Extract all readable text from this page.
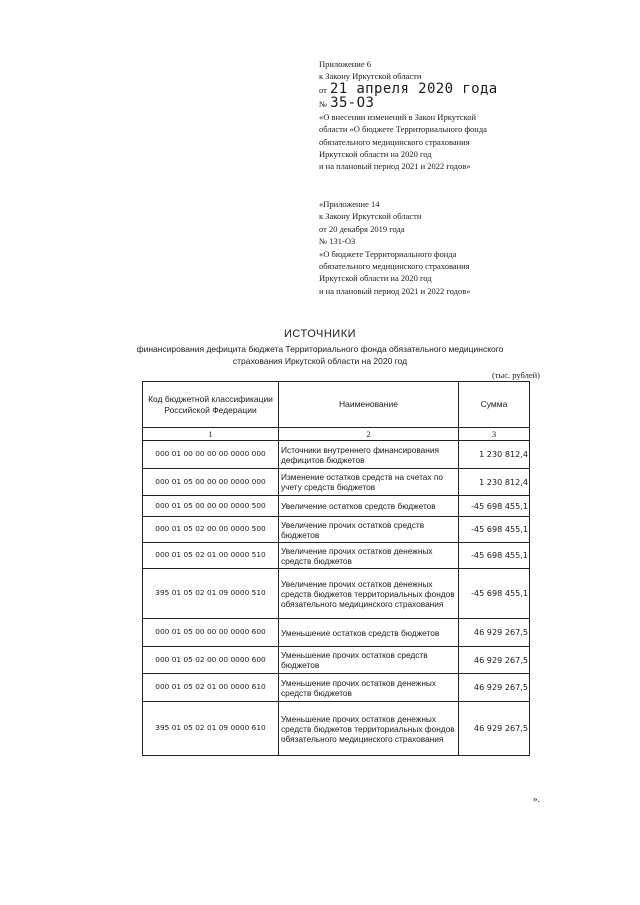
Приложение 6
к Закону Иркутской области
от 21 апреля 2020 года
№ 35-ОЗ
«О внесении изменений в Закон Иркутской
области «О бюджете Территориального фонда
обязательного медицинского страхования
Иркутской области на 2020 год
и на плановый период 2021 и 2022 годов»
«Приложение 14
к Закону Иркутской области
от 20 декабря 2019 года
№ 131-ОЗ
«О бюджете Территориального фонда
обязательного медицинского страхования
Иркутской области на 2020 год
и на плановый период 2021 и 2022 годов»
ИСТОЧНИКИ
финансирования дефицита бюджета Территориального фонда обязательного медицинского страхования Иркутской области на 2020 год
(тыс. рублей)
Код бюджетной классификации Российской Федерации	Наименование	Сумма
1	2	3
000 01 00 00 00 00 0000 000	Источники внутреннего финансирования дефицитов бюджетов	1 230 812,4
000 01 05 00 00 00 0000 000	Изменение остатков средств на счетах по учету средств бюджетов	1 230 812,4
000 01 05 00 00 00 0000 500	Увеличение остатков средств бюджетов	-45 698 455,1
000 01 05 02 00 00 0000 500	Увеличение прочих остатков средств бюджетов	-45 698 455,1
000 01 05 02 01 00 0000 510	Увеличение прочих остатков денежных средств бюджетов	-45 698 455,1
395 01 05 02 01 09 0000 510	Увеличение прочих остатков денежных средств бюджетов территориальных фондов обязательного медицинского страхования	-45 698 455,1
000 01 05 00 00 00 0000 600	Уменьшение остатков средств бюджетов	46 929 267,5
000 01 05 02 00 00 0000 600	Уменьшение прочих остатков средств бюджетов	46 929 267,5
000 01 05 02 01 00 0000 610	Уменьшение прочих остатков денежных средств бюджетов	46 929 267,5
395 01 05 02 01 09 0000 610	Уменьшение прочих остатков денежных средств бюджетов территориальных фондов обязательного медицинского страхования	46 929 267,5
».
